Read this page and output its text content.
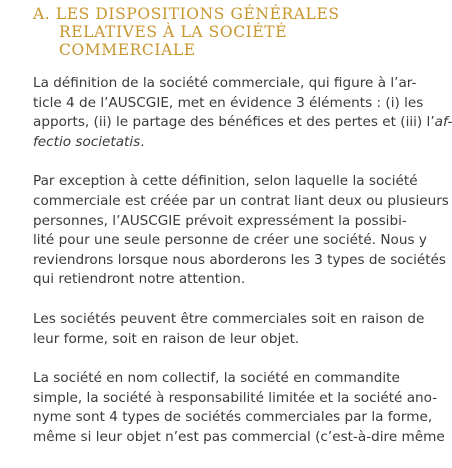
A. LES DISPOSITIONS GÉNÉRALES
RELATIVES À LA SOCIÉTÉ
COMMERCIALE
La définition de la société commerciale, qui figure à l’ar-
ticle 4 de l’AUSCGIE, met en évidence 3 éléments : (i) les
apports, (ii) le partage des bénéfices et des pertes et (iii) l’af-
fectio societatis.
Par exception à cette définition, selon laquelle la société
commerciale est créée par un contrat liant deux ou plusieurs
personnes, l’AUSCGIE prévoit expressément la possibi-
lité pour une seule personne de créer une société. Nous y
reviendrons lorsque nous aborderons les 3 types de sociétés
qui retiendront notre attention.
Les sociétés peuvent être commerciales soit en raison de
leur forme, soit en raison de leur objet.
La société en nom collectif, la société en commandite
simple, la société à responsabilité limitée et la société ano-
nyme sont 4 types de sociétés commerciales par la forme,
même si leur objet n’est pas commercial (c’est-à-dire même
